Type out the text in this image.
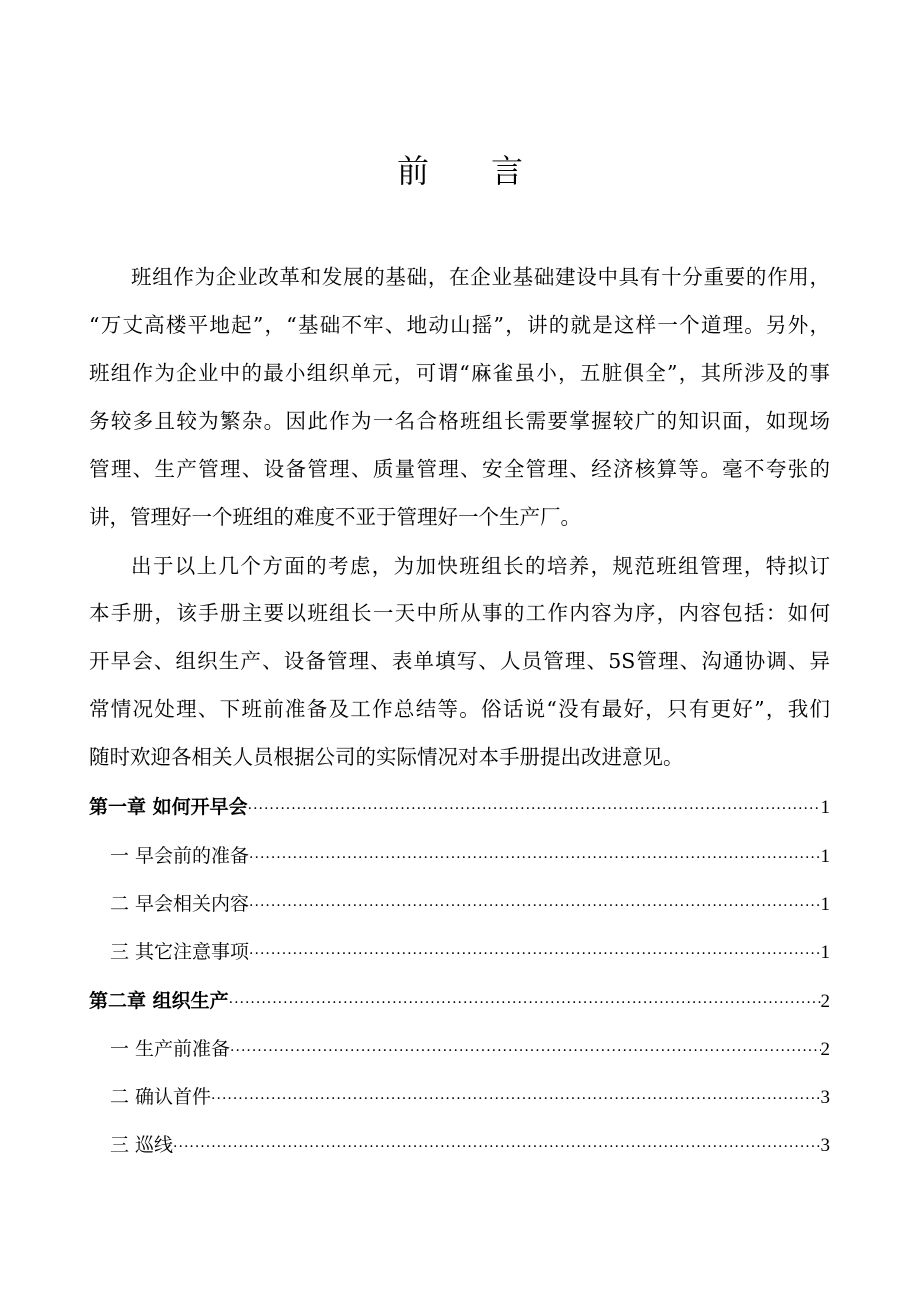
前言
班组作为企业改革和发展的基础，在企业基础建设中具有十分重要的作用，
“万丈高楼平地起”，“基础不牢、地动山摇”，讲的就是这样一个道理。另外，
班组作为企业中的最小组织单元，可谓“麻雀虽小，五脏俱全”，其所涉及的事
务较多且较为繁杂。因此作为一名合格班组长需要掌握较广的知识面，如现场
管理、生产管理、设备管理、质量管理、安全管理、经济核算等。毫不夸张的
讲，管理好一个班组的难度不亚于管理好一个生产厂。
出于以上几个方面的考虑，为加快班组长的培养，规范班组管理，特拟订
本手册，该手册主要以班组长一天中所从事的工作内容为序，内容包括：如何
开早会、组织生产、设备管理、表单填写、人员管理、5S管理、沟通协调、异
常情况处理、下班前准备及工作总结等。俗话说“没有最好，只有更好”，我们
随时欢迎各相关人员根据公司的实际情况对本手册提出改进意见。
第一章 如何开早会 ·····	1
一 早会前的准备 ·····	1
二 早会相关内容 ·····	1
三 其它注意事项 ·····	1
第二章 组织生产 ·····	2
一 生产前准备 ·····	2
二 确认首件 ·····	3
三 巡线 ·····	3
